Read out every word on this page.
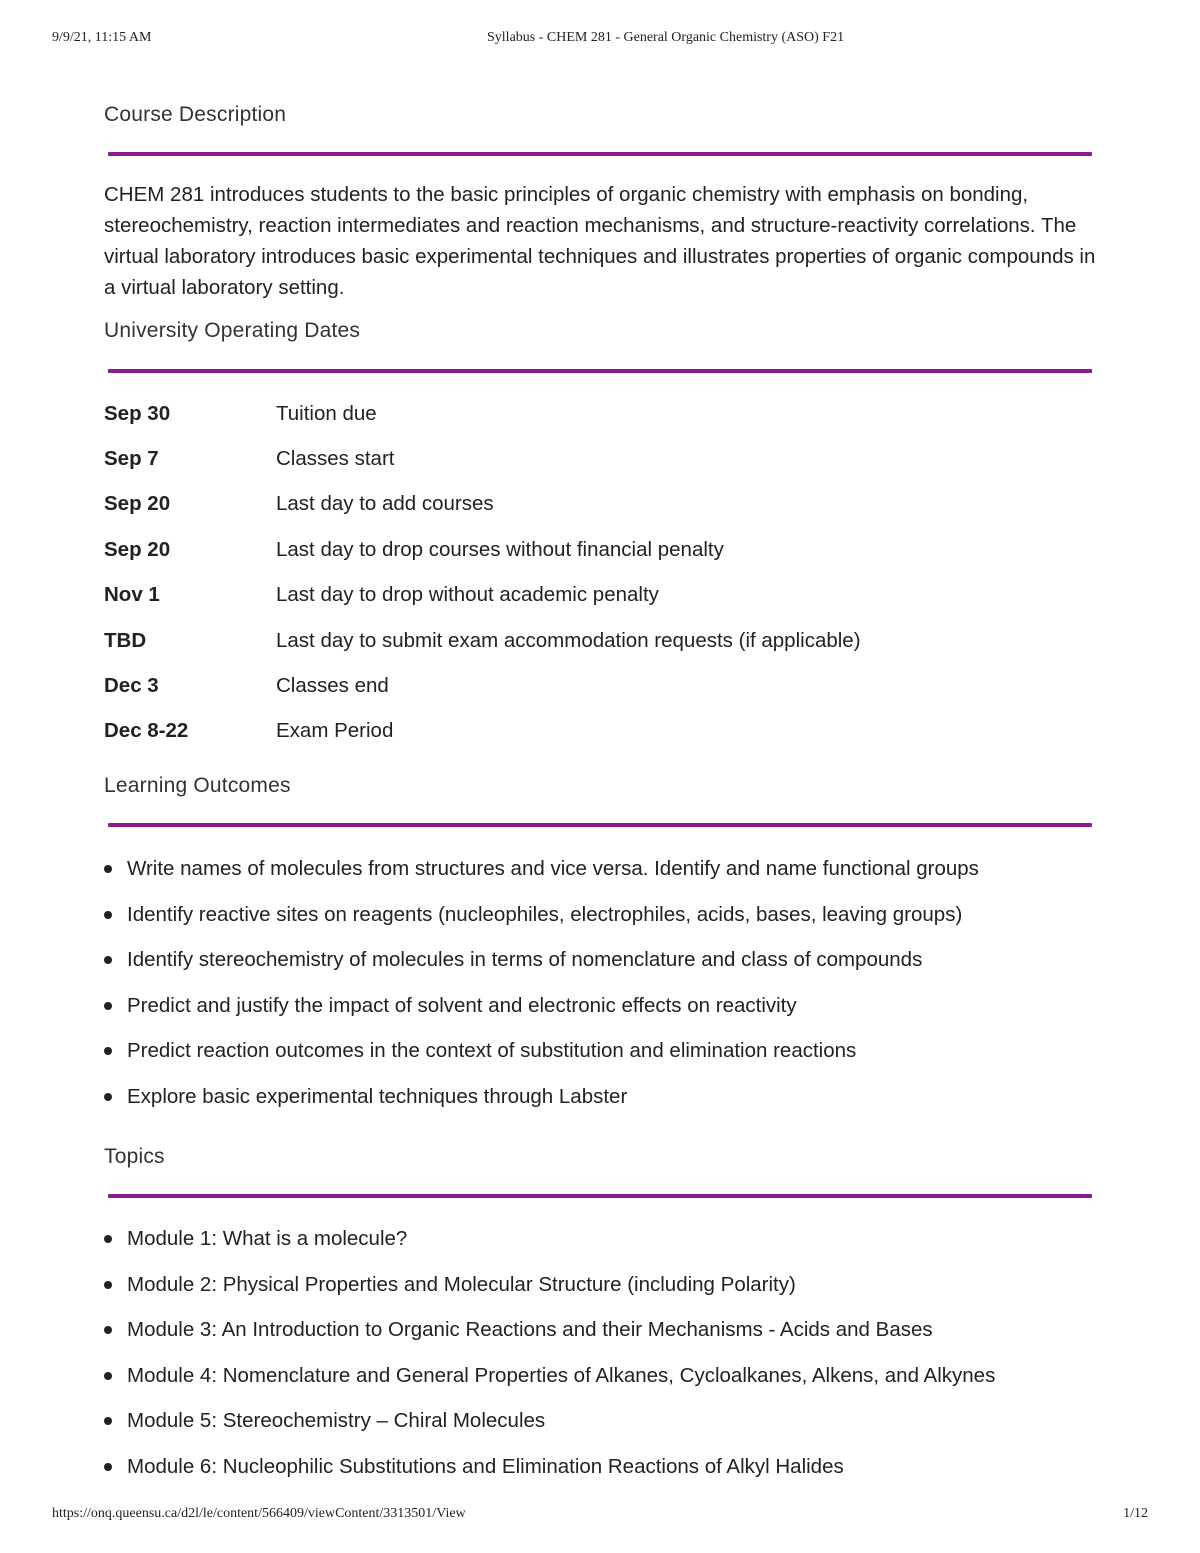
9/9/21, 11:15 AM	Syllabus - CHEM 281 - General Organic Chemistry (ASO) F21
Course Description

CHEM 281 introduces students to the basic principles of organic chemistry with emphasis on bonding, stereochemistry, reaction intermediates and reaction mechanisms, and structure-reactivity correlations. The virtual laboratory introduces basic experimental techniques and illustrates properties of organic compounds in a virtual laboratory setting.

University Operating Dates
Sep 30	Tuition due
Sep 7	Classes start
Sep 20	Last day to add courses
Sep 20	Last day to drop courses without financial penalty
Nov 1	Last day to drop without academic penalty
TBD	Last day to submit exam accommodation requests (if applicable)
Dec 3	Classes end
Dec 8-22	Exam Period
Learning Outcomes
Write names of molecules from structures and vice versa. Identify and name functional groups
Identify reactive sites on reagents (nucleophiles, electrophiles, acids, bases, leaving groups)
Identify stereochemistry of molecules in terms of nomenclature and class of compounds
Predict and justify the impact of solvent and electronic effects on reactivity
Predict reaction outcomes in the context of substitution and elimination reactions
Explore basic experimental techniques through Labster
Topics
Module 1: What is a molecule?
Module 2: Physical Properties and Molecular Structure (including Polarity)
Module 3: An Introduction to Organic Reactions and their Mechanisms - Acids and Bases
Module 4: Nomenclature and General Properties of Alkanes, Cycloalkanes, Alkens, and Alkynes
Module 5: Stereochemistry – Chiral Molecules
Module 6: Nucleophilic Substitutions and Elimination Reactions of Alkyl Halides
https://onq.queensu.ca/d2l/le/content/566409/viewContent/3313501/View	1/12
